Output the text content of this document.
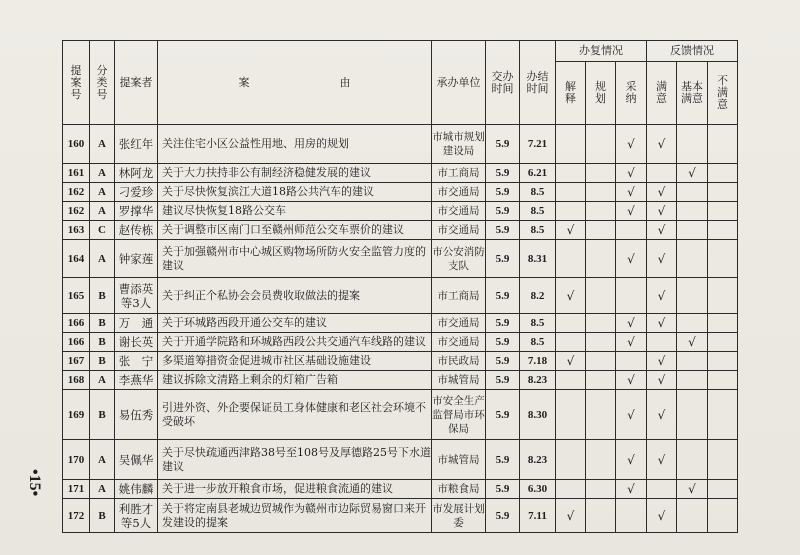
提案号	分类号	提案者	案 由	承办单位	交办时间	办结时间	办复情况			反馈情况		
							解释	规划	采纳	满意	基本满意	不满意
160	A	张红年	关注住宅小区公益性用地、用房的规划	市城市规划建设局	5.9	7.21			√	√		
161	A	林阿龙	关于大力扶持非公有制经济稳健发展的建议	市工商局	5.9	6.21			√		√	
162	A	刁爱珍	关于尽快恢复滨江大道18路公共汽车的建议	市交通局	5.9	8.5			√	√		
162	A	罗撑华	建议尽快恢复18路公交车	市交通局	5.9	8.5			√	√		
163	C	赵传栋	关于调整市区南门口至赣州师范公交车票价的建议	市交通局	5.9	8.5	√			√		
164	A	钟家莲	关于加强赣州市中心城区购物场所防火安全监管力度的建议	市公安消防支队	5.9	8.31			√	√		
165	B	曹添英等3人	关于纠正个私协会会员费收取做法的提案	市工商局	5.9	8.2	√			√		
166	B	万　通	关于环城路西段开通公交车的建议	市交通局	5.9	8.5			√	√		
166	B	谢长英	关于开通学院路和环城路西段公共交通汽车线路的建议	市交通局	5.9	8.5			√		√	
167	B	张　宁	多渠道筹措资金促进城市社区基础设施建设	市民政局	5.9	7.18	√			√		
168	A	李燕华	建议拆除文清路上剩余的灯箱广告箱	市城管局	5.9	8.23			√	√		
169	B	易伍秀	引进外资、外企要保证员工身体健康和老区社会环境不受破坏	市安全生产监督局市环保局	5.9	8.30			√	√		
170	A	吴佩华	关于尽快疏通西津路38号至108号及厚德路25号下水道建议	市城管局	5.9	8.23			√	√		
171	A	姚伟麟	关于进一步放开粮食市场，促进粮食流通的建议	市粮食局	5.9	6.30			√		√	
172	B	利胜才等5人	关于将定南县老城边贸城作为赣州市边际贸易窗口来开发建设的提案	市发展计划委	5.9	7.11	√			√		
•15•
